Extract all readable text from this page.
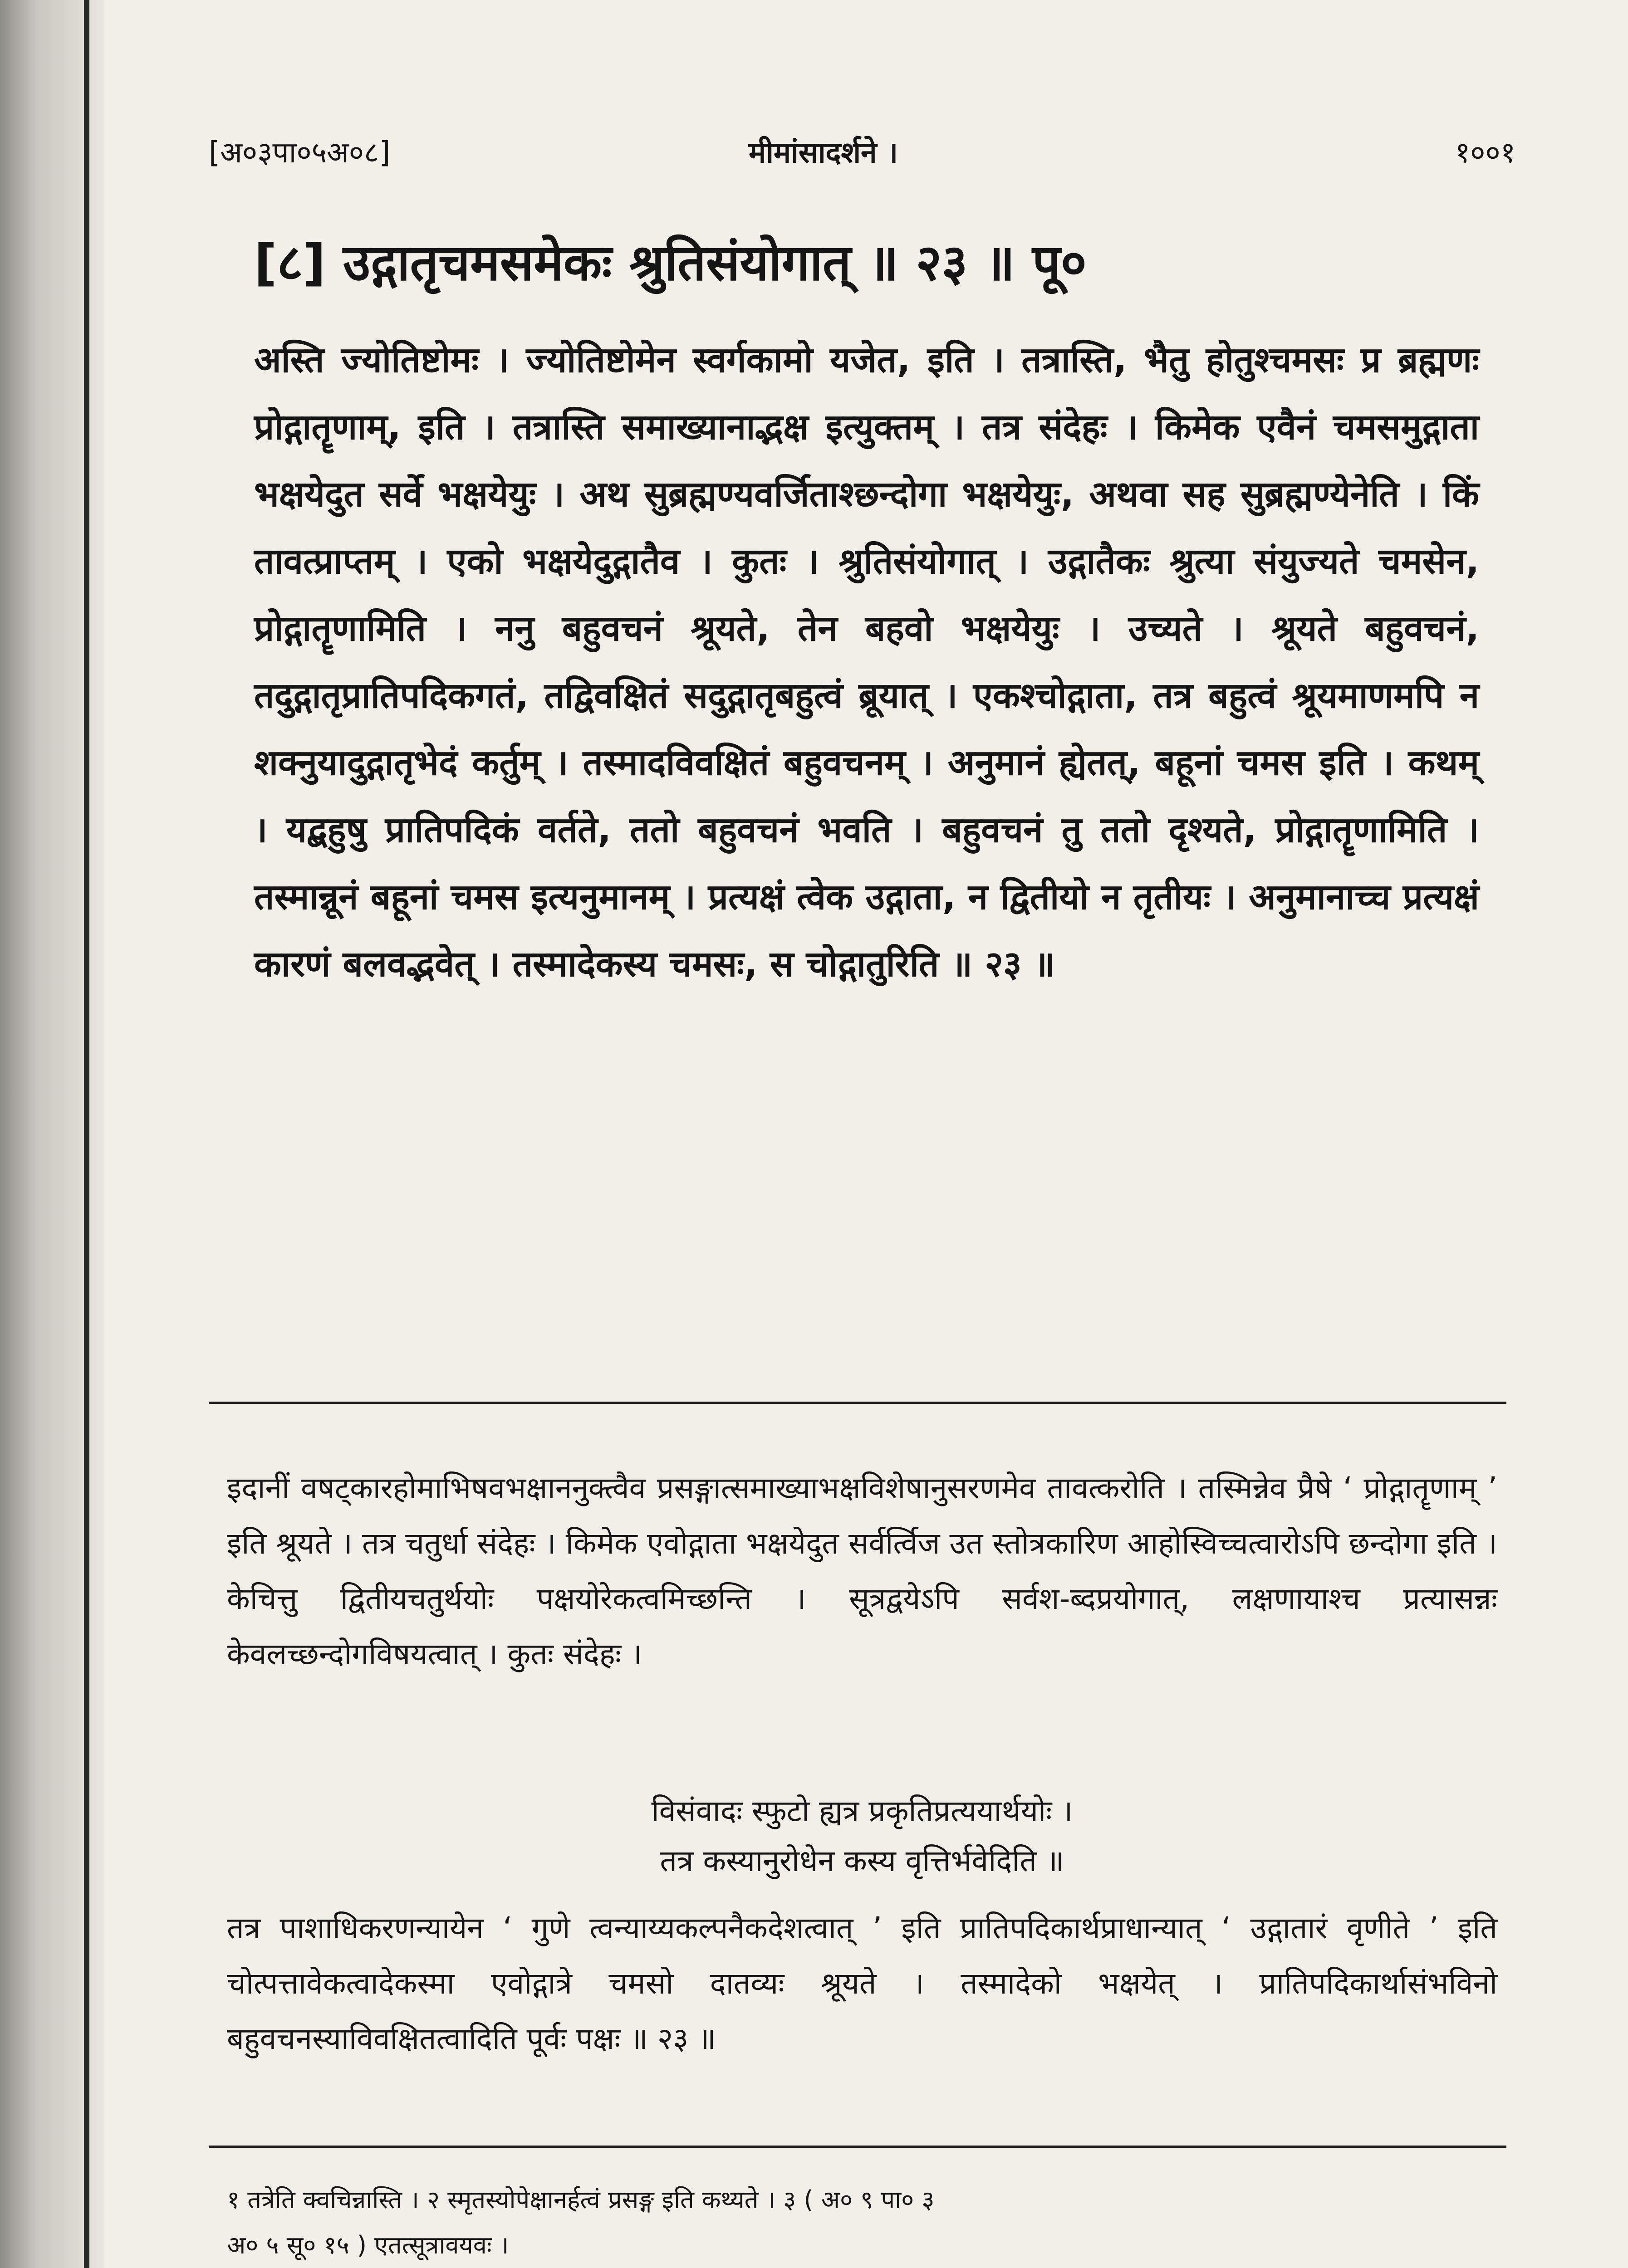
[अ०३पा०५अ०८]	मीमांसादर्शने ।	१००१
[८] उद्गातृचमसमेकः श्रुतिसंयोगात् ॥ २३ ॥ पू०
अस्ति ज्योतिष्टोमः । ज्योतिष्टोमेन स्वर्गकामो यजेत, इति । तत्रास्ति, भैतु होतुश्चमसः प्र ब्रह्मणः प्रोद्गातॄणाम्, इति । तत्रास्ति समाख्यानाद्भक्ष इत्युक्तम् । तत्र संदेहः । किमेक एवैनं चमसमुद्गाता भक्षयेदुत सर्वे भक्षयेयुः । अथ सुब्रह्मण्यवर्जिताश्छन्दोगा भक्षयेयुः, अथवा सह सुब्रह्मण्येनेति । किं तावत्प्राप्तम् । एको भक्षयेदुद्गातैव । कुतः । श्रुतिसंयोगात् । उद्गातैकः श्रुत्या संयुज्यते चमसेन, प्रोद्गातॄणामिति । ननु बहुवचनं श्रूयते, तेन बहवो भक्षयेयुः । उच्यते । श्रूयते बहुवचनं, तदुद्गातृप्रातिपदिकगतं, तद्विवक्षितं सदुद्गातृबहुत्वं ब्रूयात् । एकश्चोद्गाता, तत्र बहुत्वं श्रूयमाणमपि न शक्नुयादुद्गातृभेदं कर्तुम् । तस्मादविवक्षितं बहुवचनम् । अनुमानं ह्येतत्, बहूनां चमस इति । कथम् । यद्बहुषु प्रातिपदिकं वर्तते, ततो बहुवचनं भवति । बहुवचनं तु ततो दृश्यते, प्रोद्गातॄणामिति । तस्मान्नूनं बहूनां चमस इत्यनुमानम् । प्रत्यक्षं त्वेक उद्गाता, न द्वितीयो न तृतीयः । अनुमानाच्च प्रत्यक्षं कारणं बलवद्भवेत् । तस्मादेकस्य चमसः, स चोद्गातुरिति ॥ २३ ॥
इदानीं वषट्कारहोमाभिषवभक्षाननुक्त्वैव प्रसङ्गात्समाख्याभक्षविशेषानुसरणमेव तावत्करोति । तस्मिन्नेव प्रैषे ‘ प्रोद्गातॄणाम् ’ इति श्रूयते । तत्र चतुर्धा संदेहः । किमेक एवोद्गाता भक्षयेदुत सर्वर्त्विज उत स्तोत्रकारिण आहोस्विच्चत्वारोऽपि छन्दोगा इति । केचित्तु द्वितीयचतुर्थयोः पक्षयोरेकत्वमिच्छन्ति । सूत्रद्वयेऽपि सर्वश-ब्दप्रयोगात्, लक्षणायाश्च प्रत्यासन्नः केवलच्छन्दोगविषयत्वात् । कुतः संदेहः ।
विसंवादः स्फुटो ह्यत्र प्रकृतिप्रत्ययार्थयोः ।
तत्र कस्यानुरोधेन कस्य वृत्तिर्भवेदिति ॥
तत्र पाशाधिकरणन्यायेन ‘ गुणे त्वन्याय्यकल्पनैकदेशत्वात् ’ इति प्रातिपदिकार्थप्राधान्यात् ‘ उद्गातारं वृणीते ’ इति चोत्पत्तावेकत्वादेकस्मा एवोद्गात्रे चमसो दातव्यः श्रूयते । तस्मादेको भक्षयेत् । प्रातिपदिकार्थासंभविनो बहुवचनस्याविवक्षितत्वादिति पूर्वः पक्षः ॥ २३ ॥
१ तत्रेति क्वचिन्नास्ति । २ स्मृतस्योपेक्षानर्हत्वं प्रसङ्ग इति कथ्यते । ३ ( अ० ९ पा० ३
अ० ५ सू० १५ ) एतत्सूत्रावयवः ।
